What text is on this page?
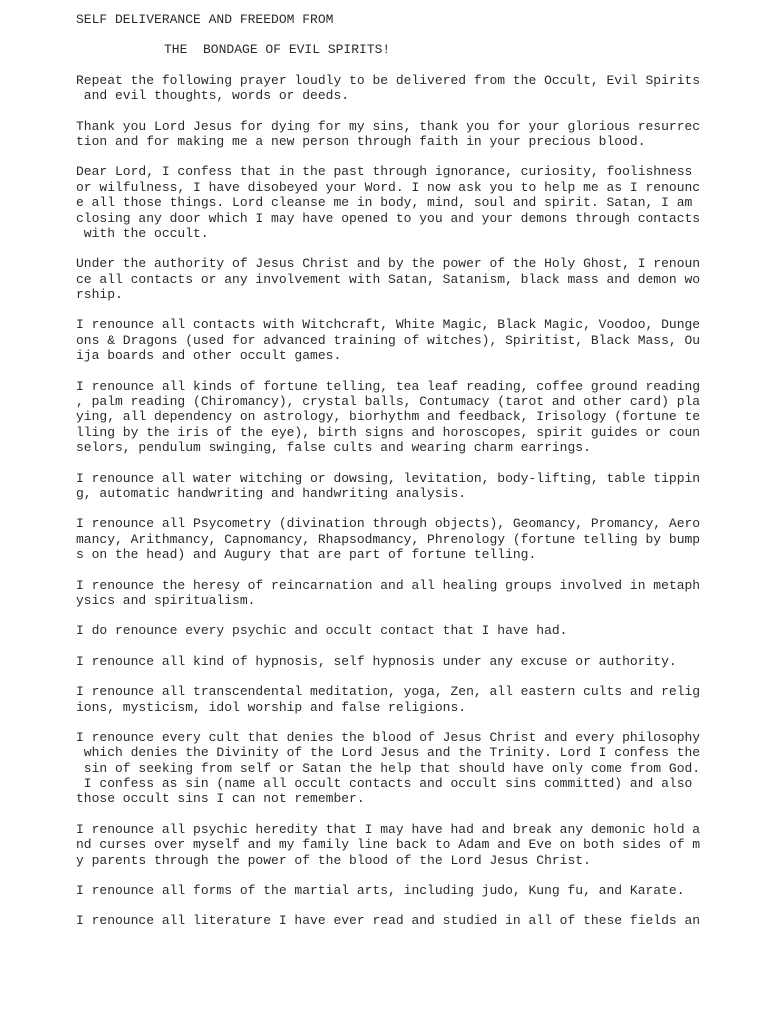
SELF DELIVERANCE AND FREEDOM FROM
THE  BONDAGE OF EVIL SPIRITS!
Repeat the following prayer loudly to be delivered from the Occult, Evil Spirits
and evil thoughts, words or deeds.
Thank you Lord Jesus for dying for my sins, thank you for your glorious resurrec
tion and for making me a new person through faith in your precious blood.
Dear Lord, I confess that in the past through ignorance, curiosity, foolishness
or wilfulness, I have disobeyed your Word. I now ask you to help me as I renounc
e all those things. Lord cleanse me in body, mind, soul and spirit. Satan, I am
closing any door which I may have opened to you and your demons through contacts
with the occult.
Under the authority of Jesus Christ and by the power of the Holy Ghost, I renoun
ce all contacts or any involvement with Satan, Satanism, black mass and demon wo
rship.
I renounce all contacts with Witchcraft, White Magic, Black Magic, Voodoo, Dunge
ons & Dragons (used for advanced training of witches), Spiritist, Black Mass, Ou
ija boards and other occult games.
I renounce all kinds of fortune telling, tea leaf reading, coffee ground reading
, palm reading (Chiromancy), crystal balls, Contumacy (tarot and other card) pla
ying, all dependency on astrology, biorhythm and feedback, Irisology (fortune te
lling by the iris of the eye), birth signs and horoscopes, spirit guides or coun
selors, pendulum swinging, false cults and wearing charm earrings.
I renounce all water witching or dowsing, levitation, body-lifting, table tippin
g, automatic handwriting and handwriting analysis.
I renounce all Psycometry (divination through objects), Geomancy, Promancy, Aero
mancy, Arithmancy, Capnomancy, Rhapsodmancy, Phrenology (fortune telling by bump
s on the head) and Augury that are part of fortune telling.
I renounce the heresy of reincarnation and all healing groups involved in metaph
ysics and spiritualism.
I do renounce every psychic and occult contact that I have had.
I renounce all kind of hypnosis, self hypnosis under any excuse or authority.
I renounce all transcendental meditation, yoga, Zen, all eastern cults and relig
ions, mysticism, idol worship and false religions.
I renounce every cult that denies the blood of Jesus Christ and every philosophy
which denies the Divinity of the Lord Jesus and the Trinity. Lord I confess the
sin of seeking from self or Satan the help that should have only come from God.
I confess as sin (name all occult contacts and occult sins committed) and also
those occult sins I can not remember.
I renounce all psychic heredity that I may have had and break any demonic hold a
nd curses over myself and my family line back to Adam and Eve on both sides of m
y parents through the power of the blood of the Lord Jesus Christ.
I renounce all forms of the martial arts, including judo, Kung fu, and Karate.
I renounce all literature I have ever read and studied in all of these fields an
